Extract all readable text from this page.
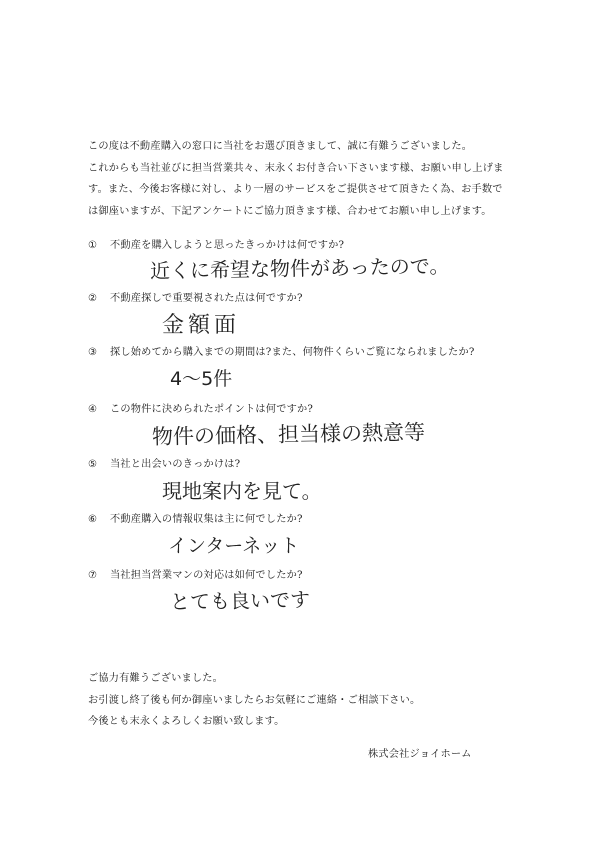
この度は不動産購入の窓口に当社をお選び頂きまして、誠に有難うございました。

これからも当社並びに担当営業共々、末永くお付き合い下さいます様、お願い申し上げま

す。また、今後お客様に対し、より一層のサービスをご提供させて頂きたく為、お手数で

は御座いますが、下記アンケートにご協力頂きます様、合わせてお願い申し上げます。

① 不動産を購入しようと思ったきっかけは何ですか?
近くに希望な物件があったので。
② 不動産探しで重要視された点は何ですか?
金額面
③ 探し始めてから購入までの期間は?また、何物件くらいご覧になられましたか?
4～5件
④ この物件に決められたポイントは何ですか?
物件の価格、担当様の熱意等
⑤ 当社と出会いのきっかけは?
現地案内を見て。
⑥ 不動産購入の情報収集は主に何でしたか?
インターネット
⑦ 当社担当営業マンの対応は如何でしたか?
とても良いです

ご協力有難うございました。

お引渡し終了後も何か御座いましたらお気軽にご連絡・ご相談下さい。

今後とも末永くよろしくお願い致します。

株式会社ジョイホーム
